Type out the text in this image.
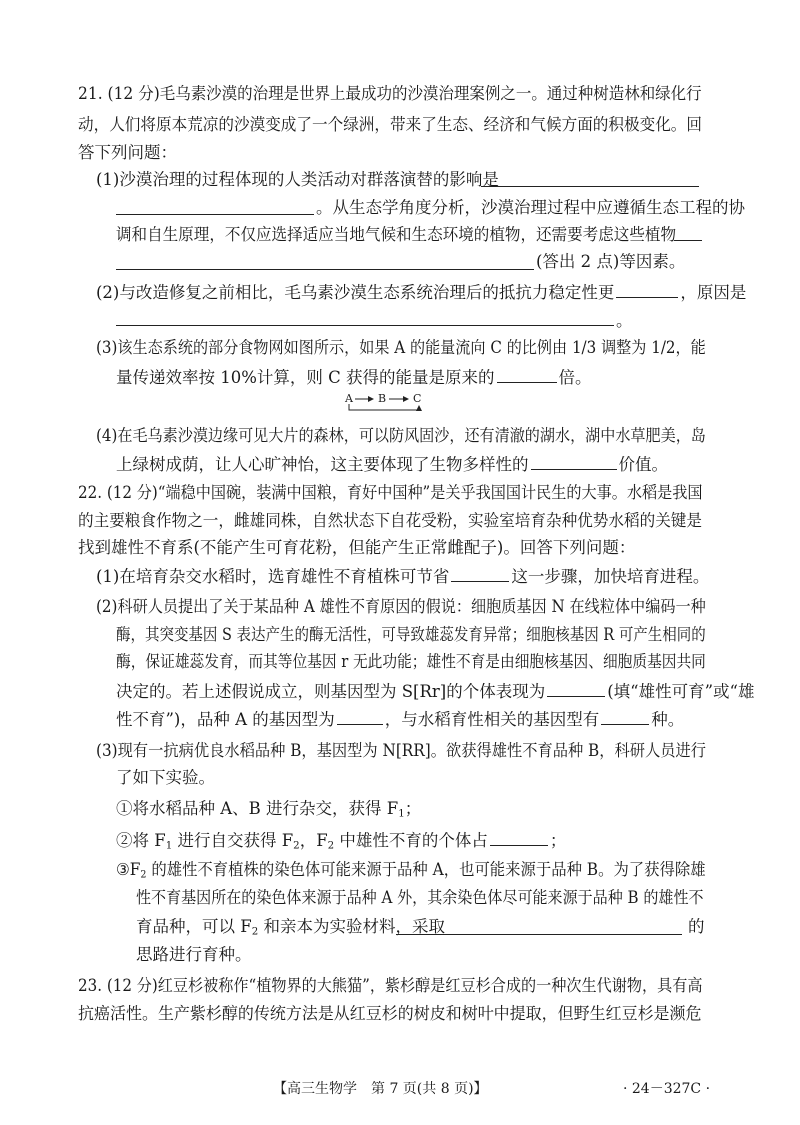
21. (12 分)毛乌素沙漠的治理是世界上最成功的沙漠治理案例之一。通过种树造林和绿化行

动，人们将原本荒凉的沙漠变成了一个绿洲，带来了生态、经济和气候方面的积极变化。回

答下列问题：

(1)沙漠治理的过程体现的人类活动对群落演替的影响是

。从生态学角度分析，沙漠治理过程中应遵循生态工程的协

调和自生原理，不仅应选择适应当地气候和生态环境的植物，还需要考虑这些植物

(答出 2 点)等因素。

(2)与改造修复之前相比，毛乌素沙漠生态系统治理后的抵抗力稳定性更	，原因是

。

(3)该生态系统的部分食物网如图所示，如果 A 的能量流向 C 的比例由 1/3 调整为 1/2，能

量传递效率按 10%计算，则 C 获得的能量是原来的	倍。

A B C

(4)在毛乌素沙漠边缘可见大片的森林，可以防风固沙，还有清澈的湖水，湖中水草肥美，岛

上绿树成荫，让人心旷神怡，这主要体现了生物多样性的	价值。

22. (12 分)“端稳中国碗，装满中国粮，育好中国种”是关乎我国国计民生的大事。水稻是我国

的主要粮食作物之一，雌雄同株，自然状态下自花受粉，实验室培育杂种优势水稻的关键是

找到雄性不育系(不能产生可育花粉，但能产生正常雌配子)。回答下列问题：

(1)在培育杂交水稻时，选育雄性不育植株可节省	这一步骤，加快培育进程。

(2)科研人员提出了关于某品种 A 雄性不育原因的假说：细胞质基因 N 在线粒体中编码一种

酶，其突变基因 S 表达产生的酶无活性，可导致雄蕊发育异常；细胞核基因 R 可产生相同的

酶，保证雄蕊发育，而其等位基因 r 无此功能；雄性不育是由细胞核基因、细胞质基因共同

决定的。若上述假说成立，则基因型为 S[Rr]的个体表现为	(填“雄性可育”或“雄

性不育”)，品种 A 的基因型为	，与水稻育性相关的基因型有	种。

(3)现有一抗病优良水稻品种 B，基因型为 N[RR]。欲获得雄性不育品种 B，科研人员进行

了如下实验。

①将水稻品种 A、B 进行杂交，获得 $F_1$；

②将 $F_1$ 进行自交获得 $F_2$，$F_2$ 中雄性不育的个体占	；

$③F_2$ 的雄性不育植株的染色体可能来源于品种 A，也可能来源于品种 B。为了获得除雄

性不育基因所在的染色体来源于品种 A 外，其余染色体尽可能来源于品种 B 的雄性不

育品种，可以 $F_2$ 和亲本为实验材料，采取	的

思路进行育种。

23. (12 分)红豆杉被称作“植物界的大熊猫”，紫杉醇是红豆杉合成的一种次生代谢物，具有高

抗癌活性。生产紫杉醇的传统方法是从红豆杉的树皮和树叶中提取，但野生红豆杉是濒危

【高三生物学　第 7 页(共 8 页)】	· 24－327C ·
